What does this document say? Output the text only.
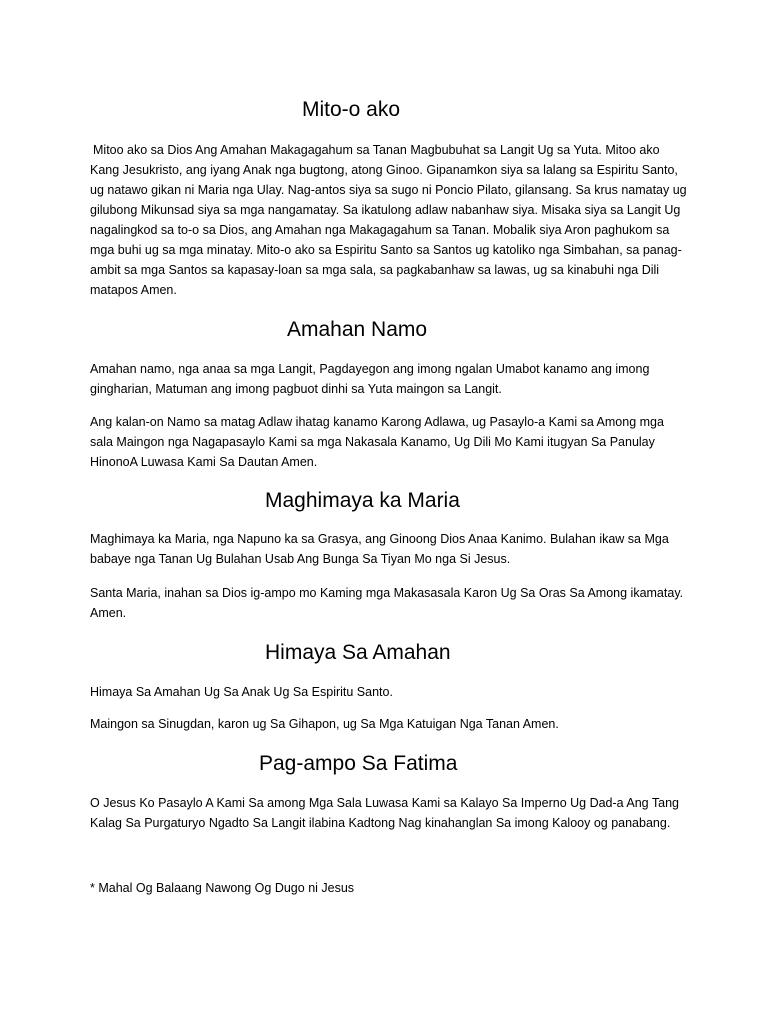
Mito-o ako

Mitoo ako sa Dios Ang Amahan Makagagahum sa Tanan Magbubuhat sa Langit Ug sa Yuta. Mitoo ako Kang Jesukristo, ang iyang Anak nga bugtong, atong Ginoo. Gipanamkon siya sa lalang sa Espiritu Santo, ug natawo gikan ni Maria nga Ulay. Nag-antos siya sa sugo ni Poncio Pilato, gilansang. Sa krus namatay ug gilubong Mikunsad siya sa mga nangamatay. Sa ikatulong adlaw nabanhaw siya. Misaka siya sa Langit Ug nagalingkod sa to-o sa Dios, ang Amahan nga Makagagahum sa Tanan. Mobalik siya Aron paghukom sa mga buhi ug sa mga minatay. Mito-o ako sa Espiritu Santo sa Santos ug katoliko nga Simbahan, sa panag-ambit sa mga Santos sa kapasay-loan sa mga sala, sa pagkabanhaw sa lawas, ug sa kinabuhi nga Dili matapos Amen.

Amahan Namo

Amahan namo, nga anaa sa mga Langit, Pagdayegon ang imong ngalan Umabot kanamo ang imong gingharian, Matuman ang imong pagbuot dinhi sa Yuta maingon sa Langit.

Ang kalan-on Namo sa matag Adlaw ihatag kanamo Karong Adlawa, ug Pasaylo-a Kami sa Among mga sala Maingon nga Nagapasaylo Kami sa mga Nakasala Kanamo, Ug Dili Mo Kami itugyan Sa Panulay HinonoA Luwasa Kami Sa Dautan Amen.

Maghimaya ka Maria

Maghimaya ka Maria, nga Napuno ka sa Grasya, ang Ginoong Dios Anaa Kanimo. Bulahan ikaw sa Mga babaye nga Tanan Ug Bulahan Usab Ang Bunga Sa Tiyan Mo nga Si Jesus.

Santa Maria, inahan sa Dios ig-ampo mo Kaming mga Makasasala Karon Ug Sa Oras Sa Among ikamatay. Amen.

Himaya Sa Amahan

Himaya Sa Amahan Ug Sa Anak Ug Sa Espiritu Santo.

Maingon sa Sinugdan, karon ug Sa Gihapon, ug Sa Mga Katuigan Nga Tanan Amen.

Pag-ampo Sa Fatima

O Jesus Ko Pasaylo A Kami Sa among Mga Sala Luwasa Kami sa Kalayo Sa Imperno Ug Dad-a Ang Tang Kalag Sa Purgaturyo Ngadto Sa Langit ilabina Kadtong Nag kinahanglan Sa imong Kalooy og panabang.

* Mahal Og Balaang Nawong Og Dugo ni Jesus
